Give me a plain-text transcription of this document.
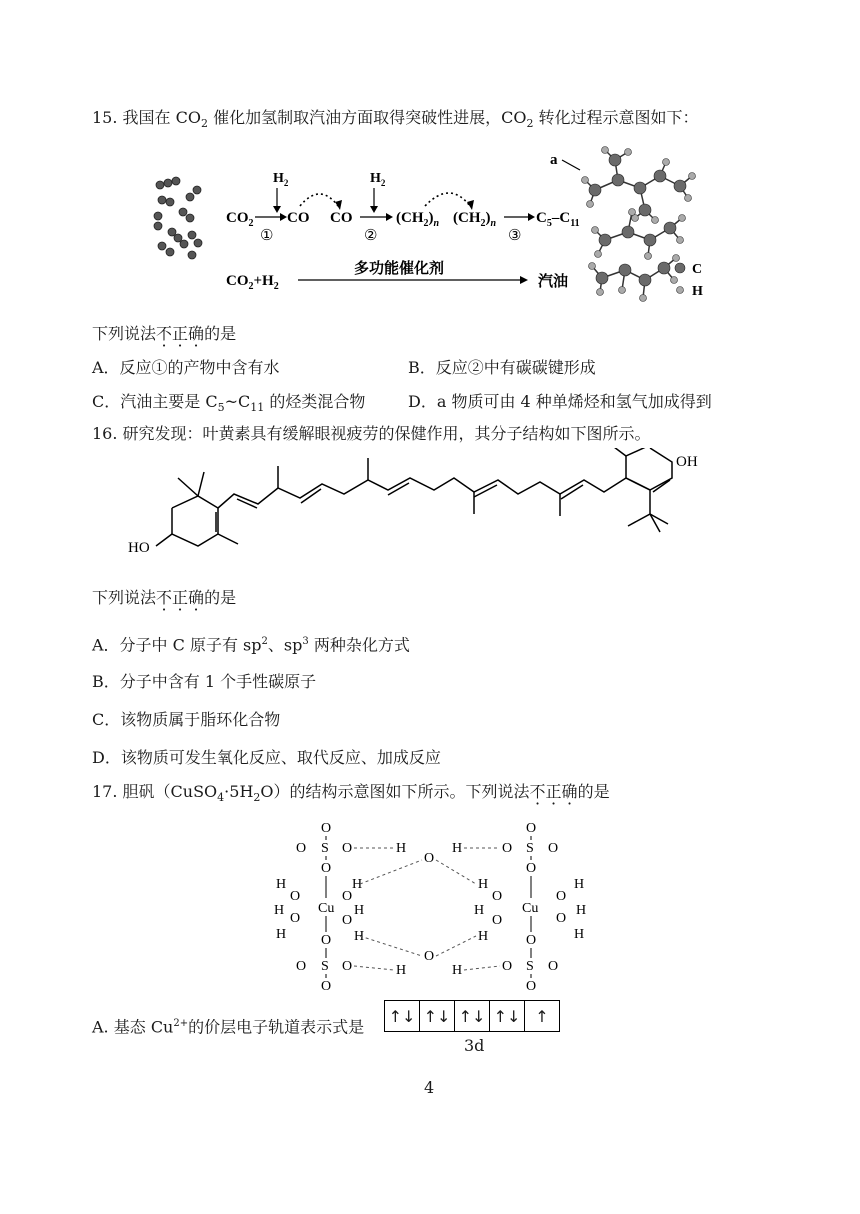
15. 我国在 $CO_2$ 催化加氢制取汽油方面取得突破性进展，$CO_2$ 转化过程示意图如下：
$CO_2$
$H_2$
①
CO CO
$H_2$
②
$(CH_2)_n$ $(CH_2)_n$
③
$C_5-C_{11}$
$CO_2+H_2$
多功能催化剂
汽油
a
C
H
下列说法不正确的是
A．反应①的产物中含有水	B．反应②中有碳碳键形成
C．汽油主要是 $C_5\sim C_{11}$ 的烃类混合物	D．a 物质可由 4 种单烯烃和氢气加成得到
16. 研究发现：叶黄素具有缓解眼视疲劳的保健作用，其分子结构如下图所示。
OH
HO
下列说法不正确的是
A．分子中 C 原子有 $sp^2$、$sp^3$ 两种杂化方式
B．分子中含有 1 个手性碳原子
C．该物质属于脂环化合物
D．该物质可发生氧化反应、取代反应、加成反应
17. 胆矾$(CuSO_4\cdot 5H_2O)$的结构示意图如下所示。下列说法不正确的是
O
O S O
O
Cu
O
O S O
O
H
O
H
O
H
H
O
H
O
H
H
O
H
H
O
H
O
O S O
O
Cu
O
O S O
O
H
O
H
O
H
H
O
H
O
H
A. 基态 $Cu^{2+}$的价层电子轨道表示式是
↑↓ ↑↓ ↑↓ ↑↓ ↑
3d
4
